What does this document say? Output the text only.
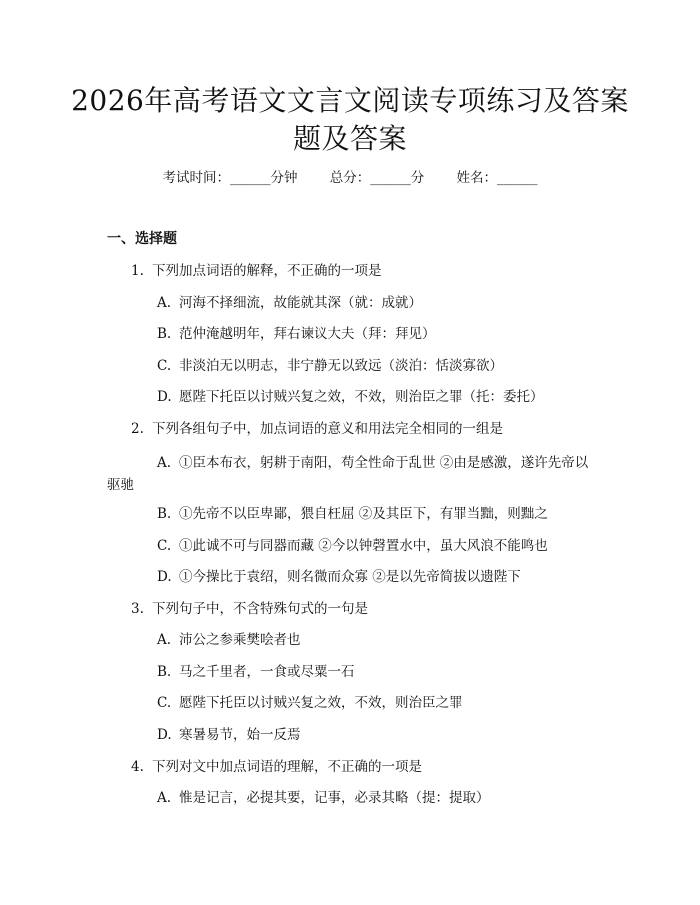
2026年高考语文文言文阅读专项练习及答案
题及答案
考试时间：______分钟 总分：______分 姓名：______
一、选择题
1. 下列加点词语的解释，不正确的一项是
A. 河海不择细流，故能就其深（就：成就）
B. 范仲淹越明年，拜右谏议大夫（拜：拜见）
C. 非淡泊无以明志，非宁静无以致远（淡泊：恬淡寡欲）
D. 愿陛下托臣以讨贼兴复之效，不效，则治臣之罪（托：委托）
2. 下列各组句子中，加点词语的意义和用法完全相同的一组是
A. ①臣本布衣，躬耕于南阳，苟全性命于乱世 ②由是感激，遂许先帝以
驱驰
B. ①先帝不以臣卑鄙，猥自枉屈 ②及其臣下，有罪当黜，则黜之
C. ①此诚不可与同器而藏 ②今以钟磬置水中，虽大风浪不能鸣也
D. ①今操比于袁绍，则名微而众寡 ②是以先帝简拔以遗陛下
3. 下列句子中，不含特殊句式的一句是
A. 沛公之参乘樊哙者也
B. 马之千里者，一食或尽粟一石
C. 愿陛下托臣以讨贼兴复之效，不效，则治臣之罪
D. 寒暑易节，始一反焉
4. 下列对文中加点词语的理解，不正确的一项是
A. 惟是记言，必提其要，记事，必录其略（提：提取）
